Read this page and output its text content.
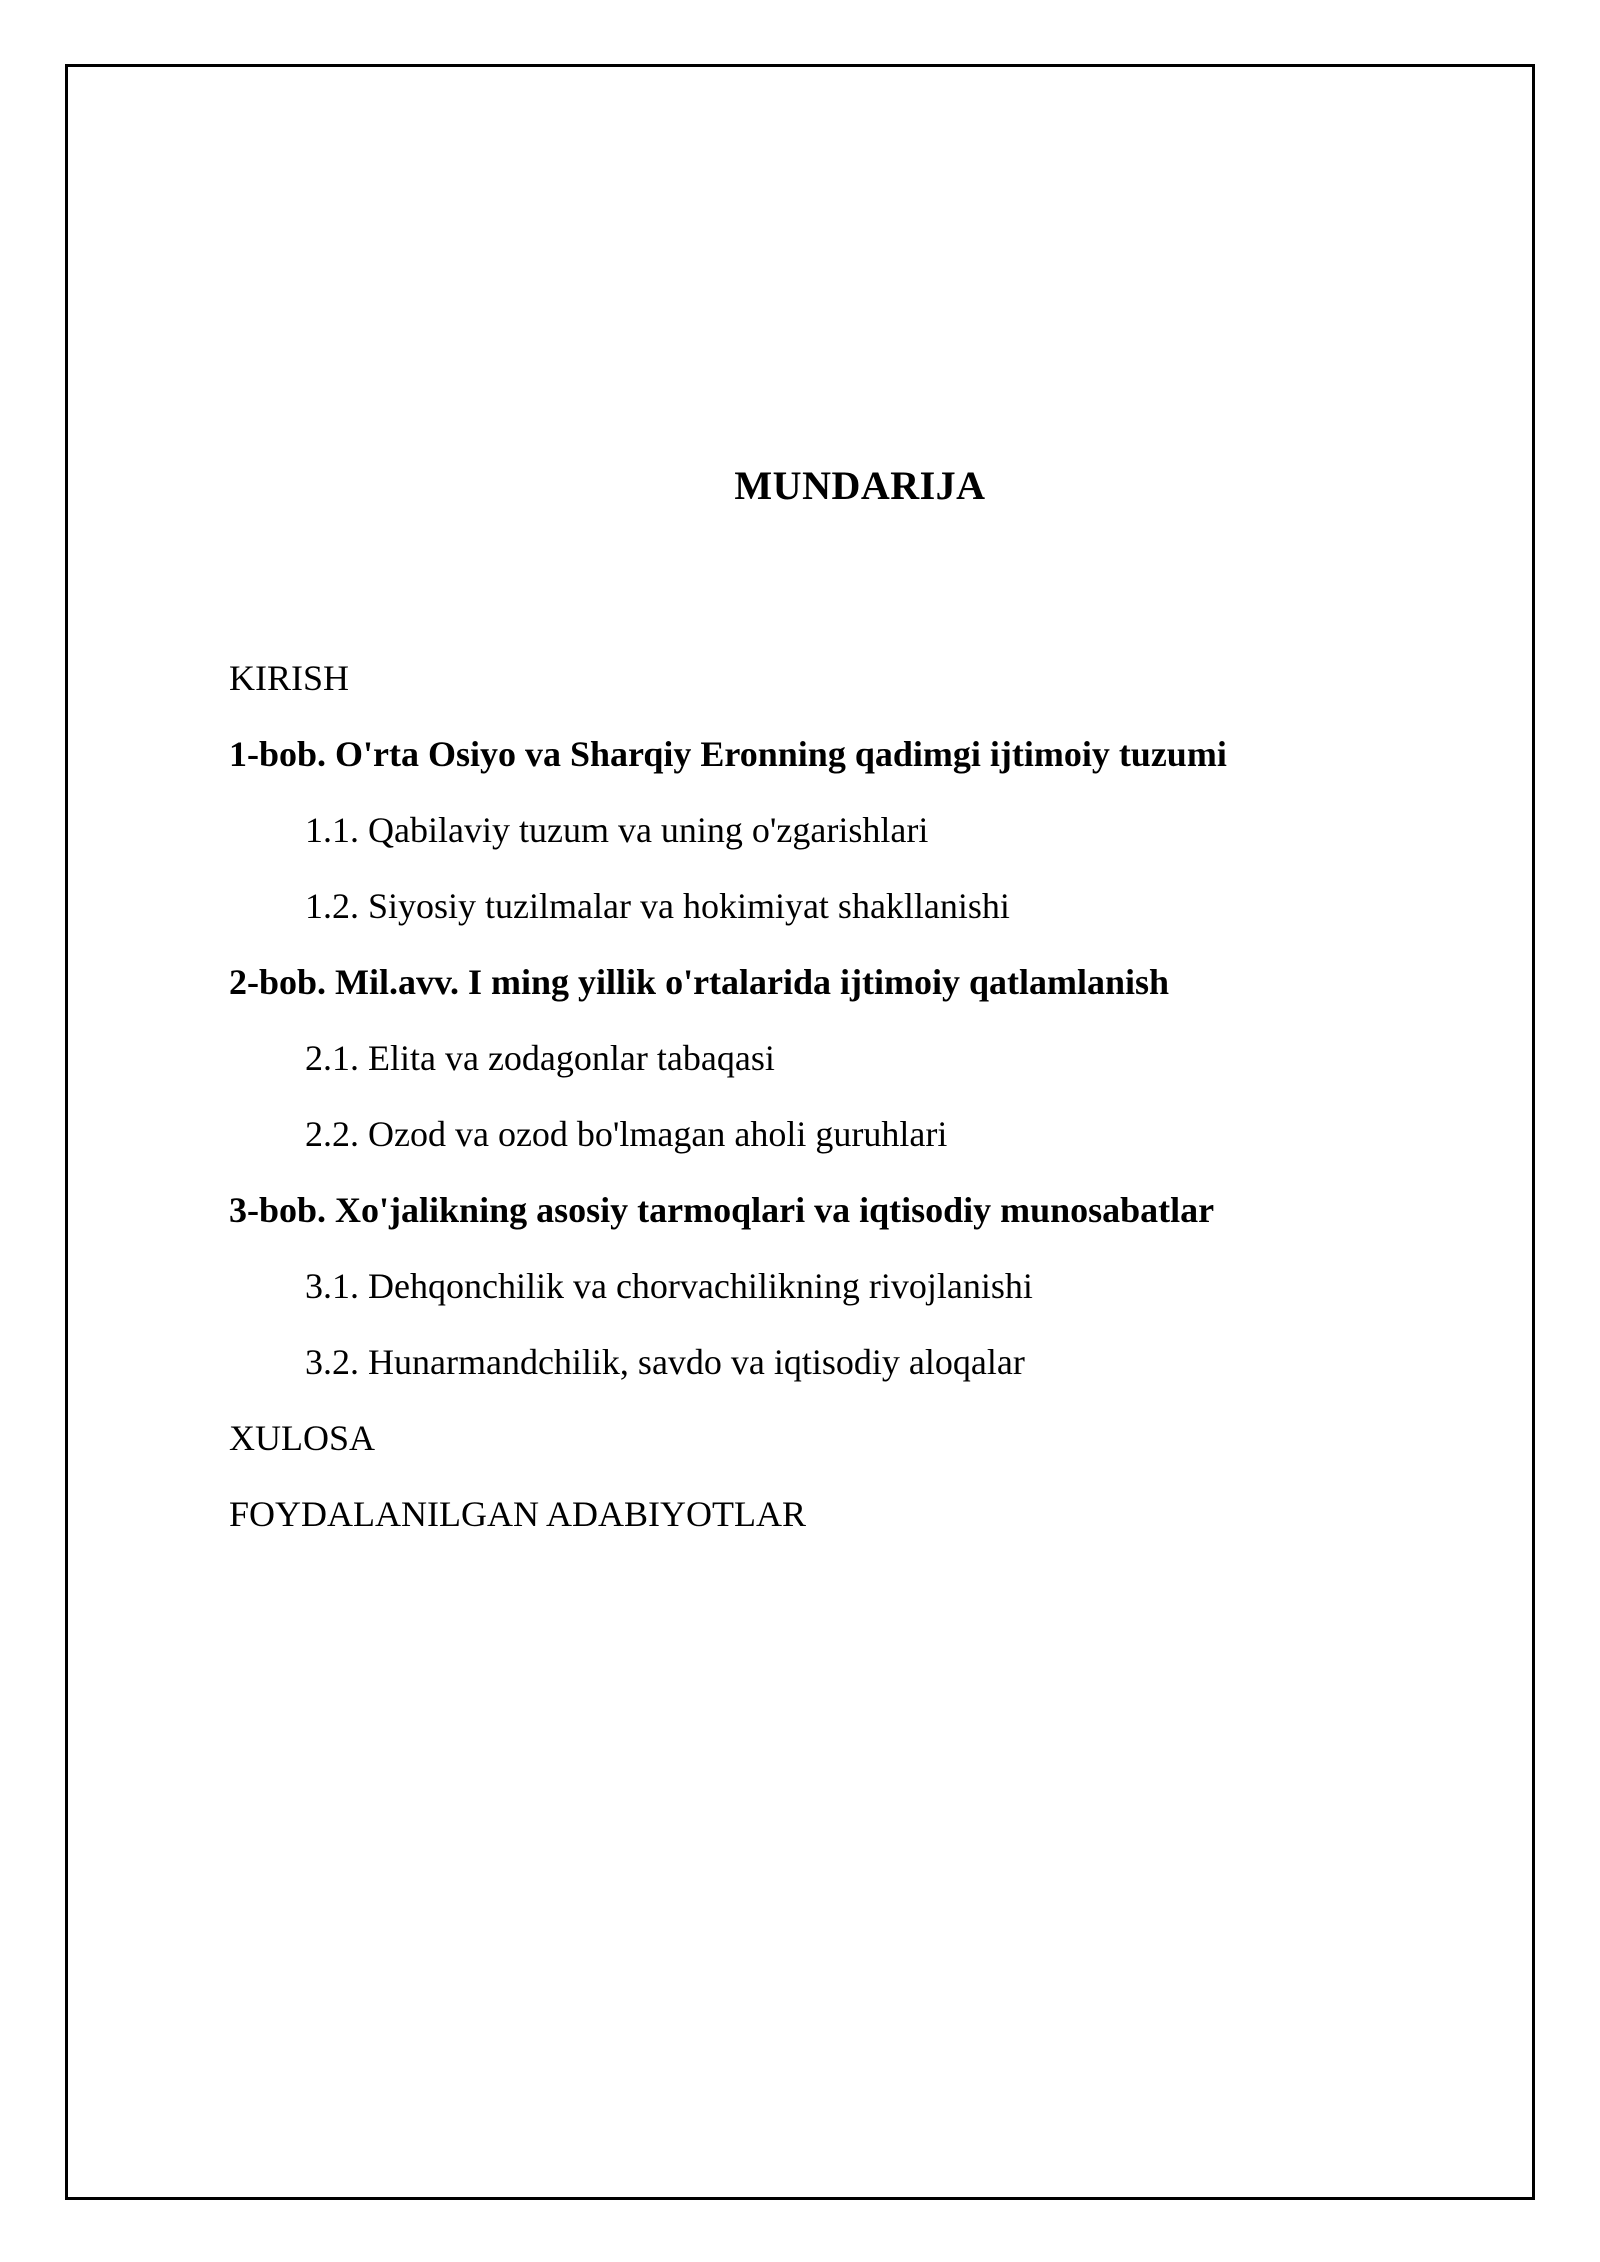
MUNDARIJA
KIRISH
1-bob. O'rta Osiyo va Sharqiy Eronning qadimgi ijtimoiy tuzumi
1.1. Qabilaviy tuzum va uning o'zgarishlari
1.2. Siyosiy tuzilmalar va hokimiyat shakllanishi
2-bob. Mil.avv. I ming yillik o'rtalarida ijtimoiy qatlamlanish
2.1. Elita va zodagonlar tabaqasi
2.2. Ozod va ozod bo'lmagan aholi guruhlari
3-bob. Xo'jalikning asosiy tarmoqlari va iqtisodiy munosabatlar
3.1. Dehqonchilik va chorvachilikning rivojlanishi
3.2. Hunarmandchilik, savdo va iqtisodiy aloqalar
XULOSA
FOYDALANILGAN ADABIYOTLAR
